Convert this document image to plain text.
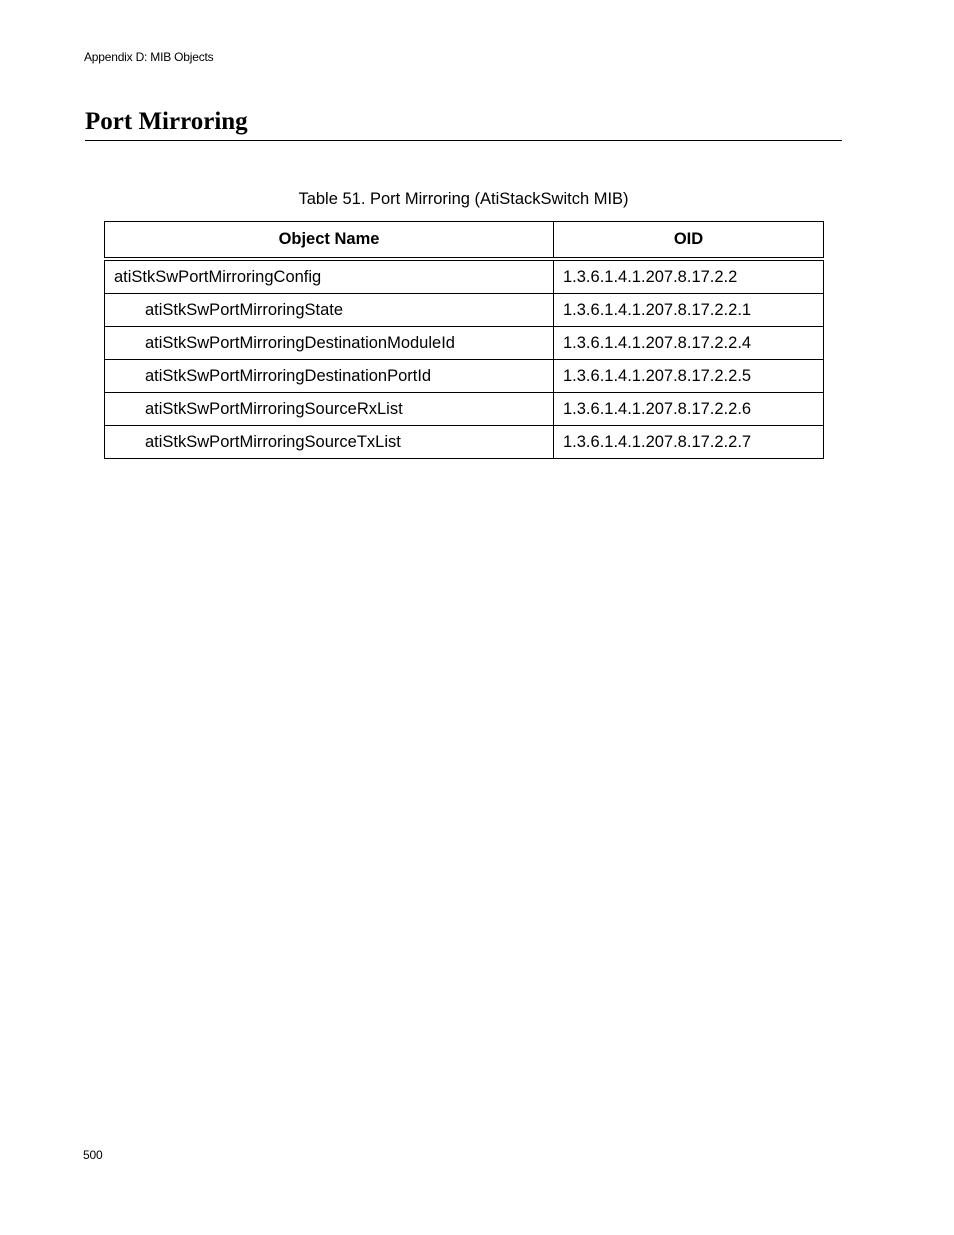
Appendix D: MIB Objects
Port Mirroring
Table 51. Port Mirroring (AtiStackSwitch MIB)
Object Name	OID
atiStkSwPortMirroringConfig	1.3.6.1.4.1.207.8.17.2.2
atiStkSwPortMirroringState	1.3.6.1.4.1.207.8.17.2.2.1
atiStkSwPortMirroringDestinationModuleId	1.3.6.1.4.1.207.8.17.2.2.4
atiStkSwPortMirroringDestinationPortId	1.3.6.1.4.1.207.8.17.2.2.5
atiStkSwPortMirroringSourceRxList	1.3.6.1.4.1.207.8.17.2.2.6
atiStkSwPortMirroringSourceTxList	1.3.6.1.4.1.207.8.17.2.2.7
500
